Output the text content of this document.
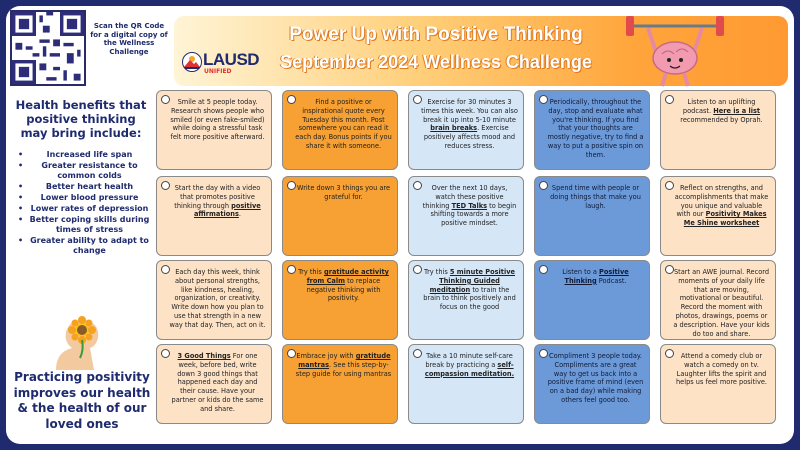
Scan the QR Code for a digital copy of the Wellness Challenge	LAUSD
UNIFIED
Power Up with Positive Thinking
September 2024 Wellness Challenge
Health benefits that positive thinking may bring include:
• Increased life span
• Greater resistance to common colds
• Better heart health
• Lower blood pressure
• Lower rates of depression
• Better coping skills during times of stress
• Greater ability to adapt to change
Practicing positivity improves our health & the health of our loved ones
Smile at 5 people today. Research shows people who smiled (or even fake-smiled) while doing a stressful task felt more positive afterward.
Find a positive or inspirational quote every Tuesday this month. Post somewhere you can read it each day. Bonus points if you share it with someone.
Exercise for 30 minutes 3 times this week. You can also break it up into 5-10 minute brain breaks. Exercise positively affects mood and reduces stress.
Periodically, throughout the day, stop and evaluate what you're thinking. If you find that your thoughts are mostly negative, try to find a way to put a positive spin on them.
Listen to an uplifting podcast. Here is a list recommended by Oprah.
Start the day with a video that promotes positive thinking through positive affirmations.
Write down 3 things you are grateful for.
Over the next 10 days, watch these positive thinking TED Talks to begin shifting towards a more positive mindset.
Spend time with people or doing things that make you laugh.
Reflect on strengths, and accomplishments that make you unique and valuable with our Positivity Makes Me Shine worksheet
Each day this week, think about personal strengths, like kindness, healing, organization, or creativity. Write down how you plan to use that strength in a new way that day. Then, act on it.
Try this gratitude activity from Calm to replace negative thinking with positivity.
Try this 5 minute Positive Thinking Guided meditation to train the brain to think positively and focus on the good
Listen to a Positive Thinking Podcast.
Start an AWE journal. Record moments of your daily life that are moving, motivational or beautiful. Record the moment with photos, drawings, poems or a description. Have your kids do too and share.
3 Good Things For one week, before bed, write down 3 good things that happened each day and their cause. Have your partner or kids do the same and share.
Embrace joy with gratitude mantras. See this step-by-step guide for using mantras
Take a 10 minute self-care break by practicing a self-compassion meditation.
Compliment 3 people today. Compliments are a great way to get us back into a positive frame of mind (even on a bad day) while making others feel good too.
Attend a comedy club or watch a comedy on tv. Laughter lifts the spirit and helps us feel more positive.
